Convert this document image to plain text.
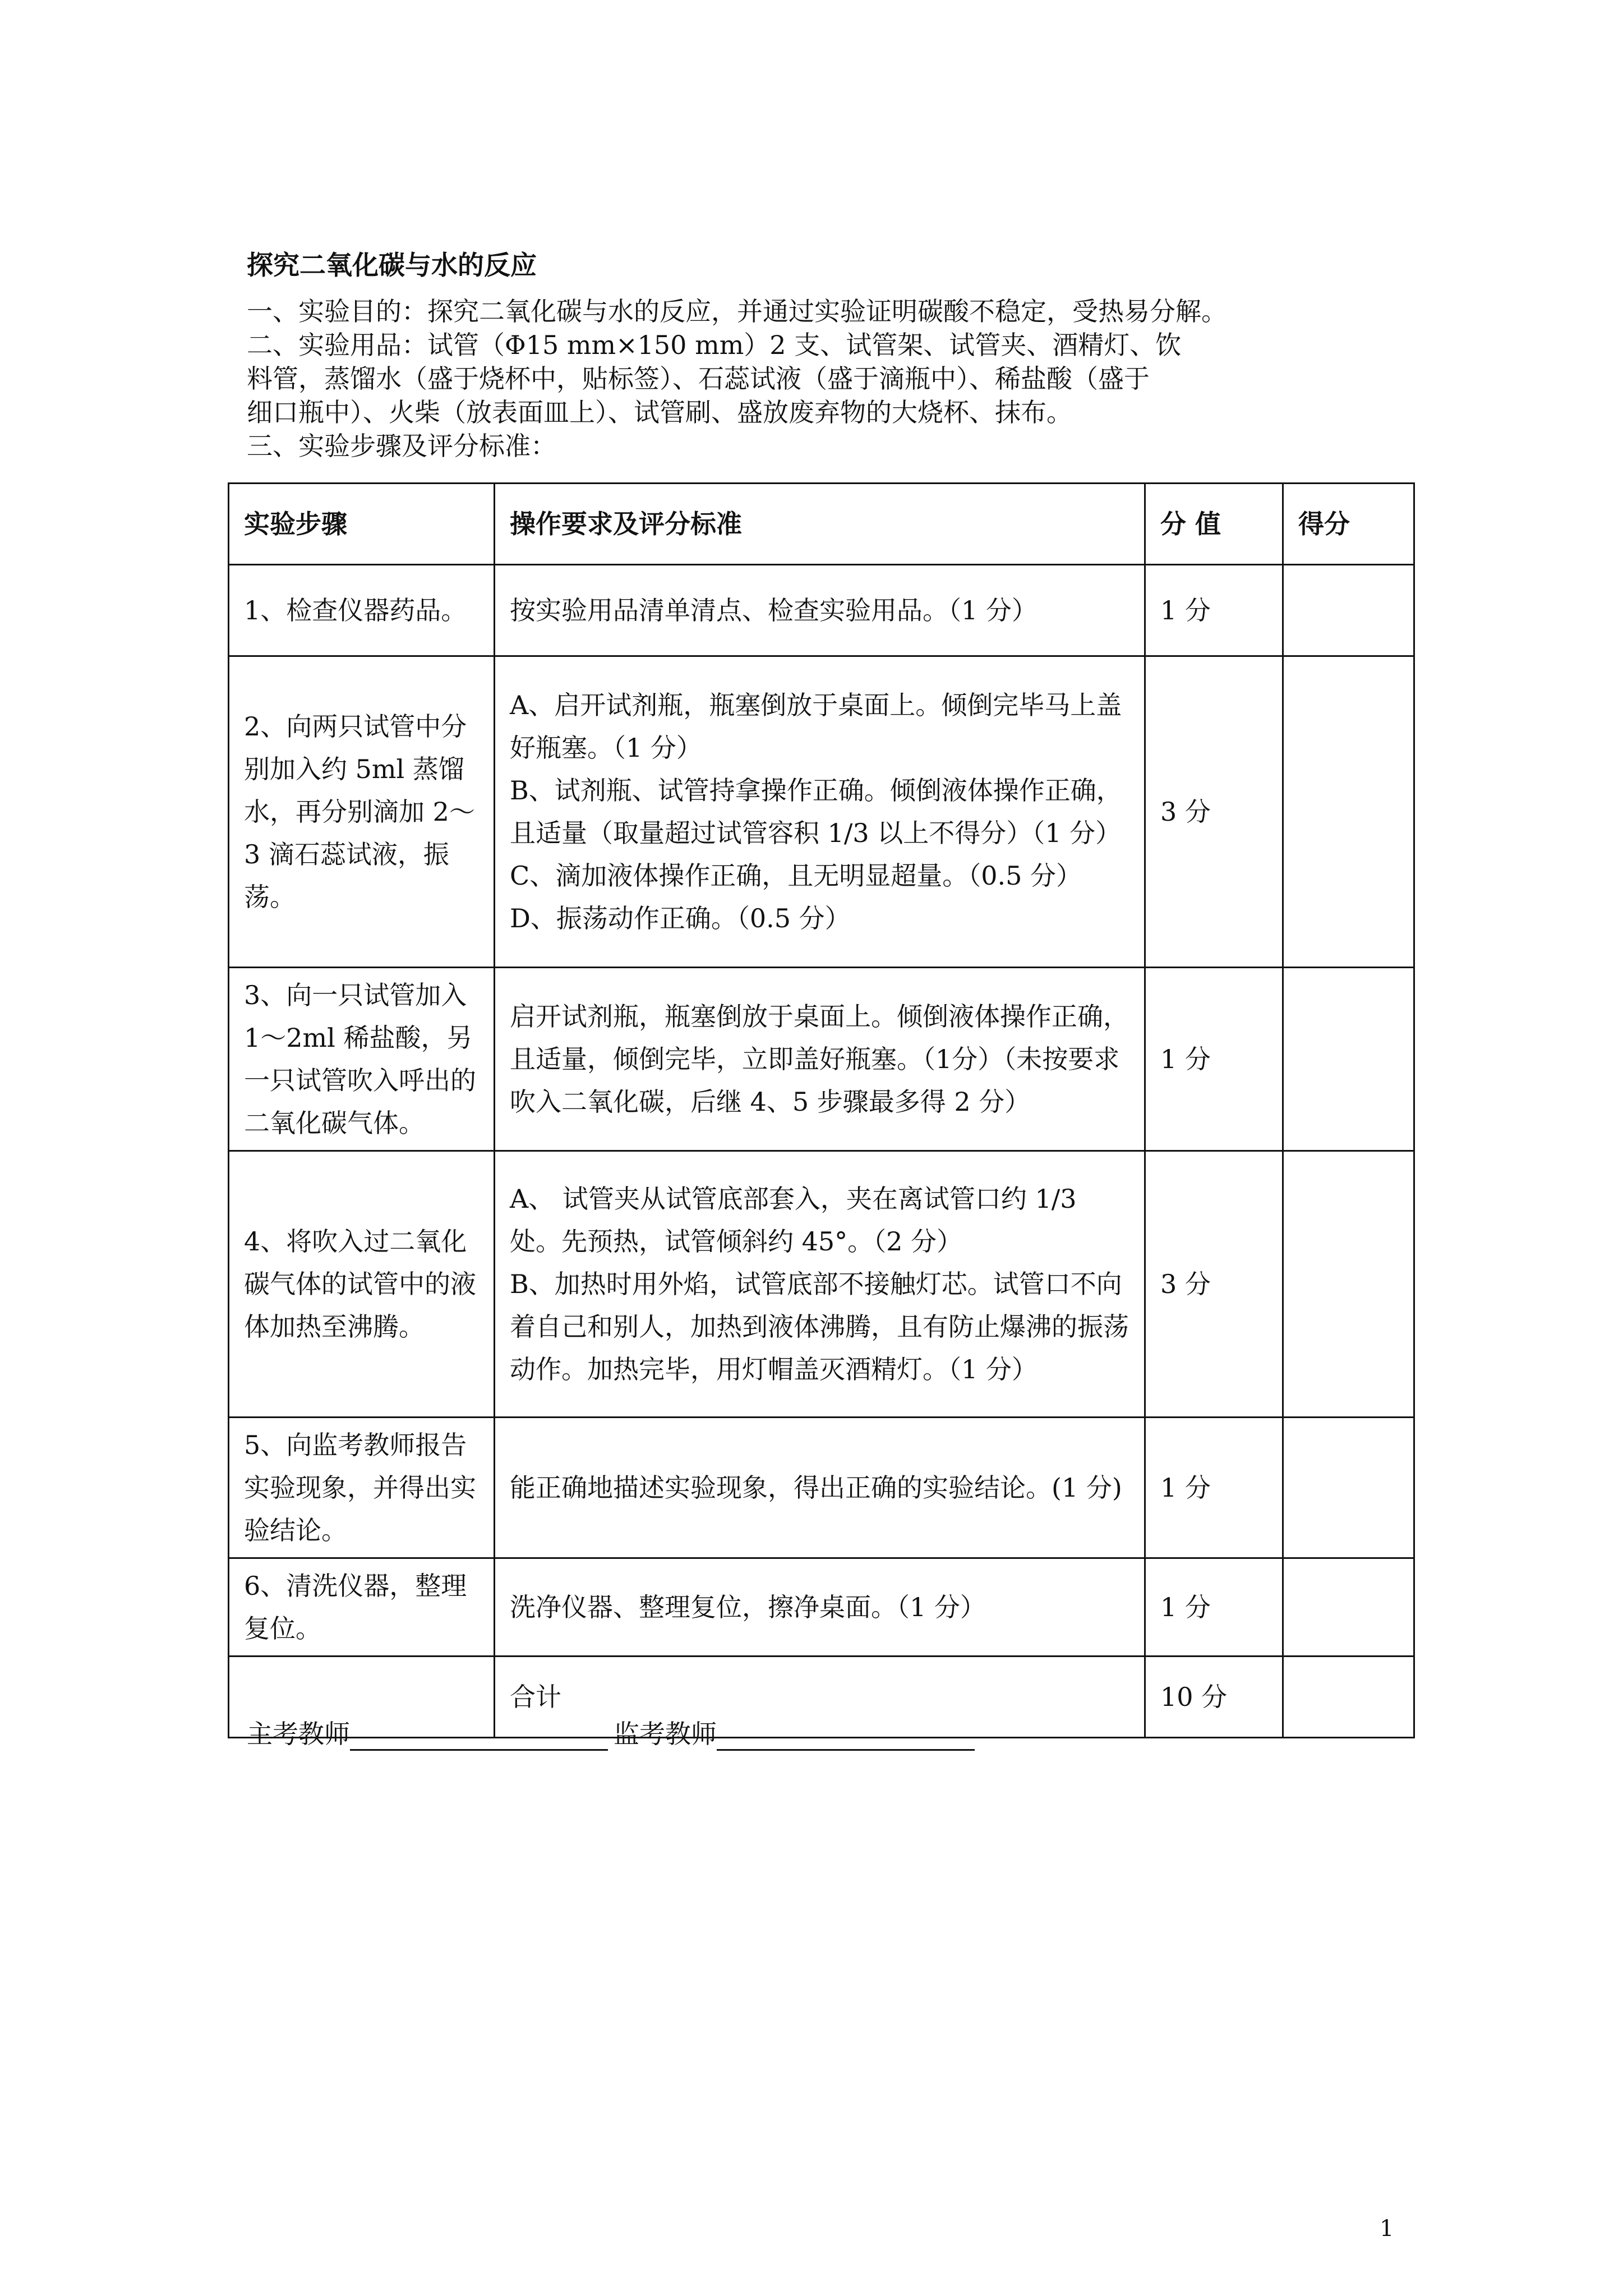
探究二氧化碳与水的反应

一、实验目的：探究二氧化碳与水的反应，并通过实验证明碳酸不稳定，受热易分解。

二、实验用品：试管（Φ15 mm×150 mm）2 支、试管架、试管夹、酒精灯、饮

料管，蒸馏水（盛于烧杯中，贴标签）、石蕊试液（盛于滴瓶中）、稀盐酸（盛于

细口瓶中）、火柴（放表面皿上）、试管刷、盛放废弃物的大烧杯、抹布。

三、实验步骤及评分标准：

实验步骤	操作要求及评分标准	分 值	得分
1、检查仪器药品。	按实验用品清单清点、检查实验用品。（1 分）	1 分	
2、向两只试管中分别加入约 5ml 蒸馏水，再分别滴加 2～3 滴石蕊试液，振荡。	A、启开试剂瓶，瓶塞倒放于桌面上。倾倒完毕马上盖好瓶塞。（1 分）
B、试剂瓶、试管持拿操作正确。倾倒液体操作正确，且适量（取量超过试管容积 1/3 以上不得分）（1 分）
C、滴加液体操作正确，且无明显超量。（0.5 分）
D、振荡动作正确。（0.5 分）	3 分	
3、向一只试管加入 1～2ml 稀盐酸，另一只试管吹入呼出的二氧化碳气体。	启开试剂瓶，瓶塞倒放于桌面上。倾倒液体操作正确，且适量，倾倒完毕，立即盖好瓶塞。（1分）（未按要求吹入二氧化碳，后继 4、5 步骤最多得 2 分）	1 分	
4、将吹入过二氧化碳气体的试管中的液体加热至沸腾。	A、 试管夹从试管底部套入，夹在离试管口约 1/3 处。先预热，试管倾斜约 45°。（2 分）
B、加热时用外焰，试管底部不接触灯芯。试管口不向着自己和别人，加热到液体沸腾，且有防止爆沸的振荡动作。加热完毕，用灯帽盖灭酒精灯。（1 分）	3 分	
5、向监考教师报告实验现象，并得出实验结论。	能正确地描述实验现象，得出正确的实验结论。(1 分)	1 分	
6、清洗仪器，整理复位。	洗净仪器、整理复位，擦净桌面。（1 分）	1 分	

	合计	10 分	
主考教师	监考教师
1
